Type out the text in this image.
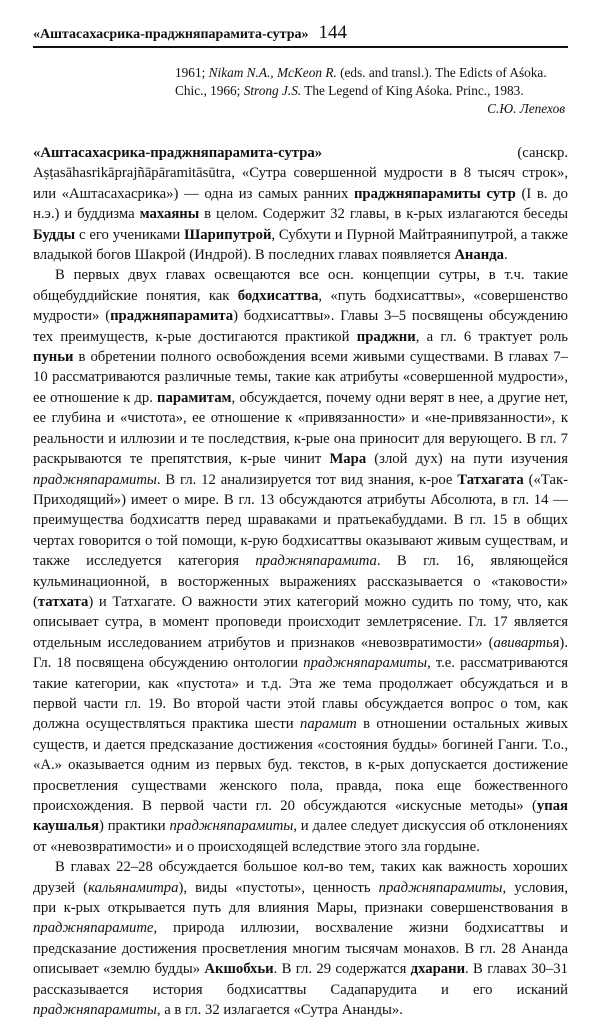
«Аштасахасрика-праджняпарамита-сутра» 144

1961; Nikam N.A., McKeon R. (eds. and transl.). The Edicts of Aśoka.

Chic., 1966; Strong J.S. The Legend of King Aśoka. Princ., 1983.

С.Ю. Лепехов

«Аштасахасрика-праджняпарамита-сутра» (санскр. Aṣṭasāhasrikāprajñāpāramitāsūtra, «Сутра совершенной мудрости в 8 тысяч строк», или «Аштасахасрика») — одна из самых ранних праджняпарамиты сутр (I в. до н.э.) и буддизма махаяны в целом. Содержит 32 главы, в к-рых излагаются беседы Будды с его учениками Шарипутрой, Субхути и Пурной Майтраянипутрой, а также владыкой богов Шакрой (Индрой). В последних главах появляется Ананда.

В первых двух главах освещаются все осн. концепции сутры, в т.ч. такие общебуддийские понятия, как бодхисаттва, «путь бодхисаттвы», «совершенство мудрости» (праджняпарамита) бодхисаттвы». Главы 3–5 посвящены обсуждению тех преимуществ, к-рые достигаются практикой праджни, а гл. 6 трактует роль пуньи в обретении полного освобождения всеми живыми существами. В главах 7–10 рассматриваются различные темы, такие как атрибуты «совершенной мудрости», ее отношение к др. парамитам, обсуждается, почему одни верят в нее, а другие нет, ее глубина и «чистота», ее отношение к «привязанности» и «не-привязанности», к реальности и иллюзии и те последствия, к-рые она приносит для верующего. В гл. 7 раскрываются те препятствия, к-рые чинит Мара (злой дух) на пути изучения праджняпарамиты. В гл. 12 анализируется тот вид знания, к-рое Татхагата («Так-Приходящий») имеет о мире. В гл. 13 обсуждаются атрибуты Абсолюта, в гл. 14 — преимущества бодхисаттв перед шраваками и пратьекабуддами. В гл. 15 в общих чертах говорится о той помощи, к-рую бодхисаттвы оказывают живым существам, и также исследуется категория праджняпарамита. В гл. 16, являющейся кульминационной, в восторженных выражениях рассказывается о «таковости» (татхата) и Татхагате. О важности этих категорий можно судить по тому, что, как описывает сутра, в момент проповеди происходит землетрясение. Гл. 17 является отдельным исследованием атрибутов и признаков «невозвратимости» (авивартья). Гл. 18 посвящена обсуждению онтологии праджняпарамиты, т.е. рассматриваются такие категории, как «пустота» и т.д. Эта же тема продолжает обсуждаться и в первой части гл. 19. Во второй части этой главы обсуждается вопрос о том, как должна осуществляться практика шести парамит в отношении остальных живых существ, и дается предсказание достижения «состояния будды» богиней Ганги. Т.о., «А.» оказывается одним из первых буд. текстов, в к-рых допускается достижение просветления существами женского пола, правда, пока еще божественного происхождения. В первой части гл. 20 обсуждаются «искусные методы» (упая каушалья) практики праджняпарамиты, и далее следует дискуссия об отклонениях от «невозвратимости» и о происходящей вследствие этого зла гордыне.

В главах 22–28 обсуждается большое кол-во тем, таких как важность хороших друзей (кальянамитра), виды «пустоты», ценность праджняпарамиты, условия, при к-рых открывается путь для влияния Мары, признаки совершенствования в праджняпарамите, природа иллюзии, восхваление жизни бодхисаттвы и предсказание достижения просветления многим тысячам монахов. В гл. 28 Ананда описывает «землю будды» Акшобхьи. В гл. 29 содержатся дхарани. В главах 30–31 рассказывается история бодхисаттвы Садапарудита и его исканий праджняпарамиты, а в гл. 32 излагается «Сутра Ананды».
